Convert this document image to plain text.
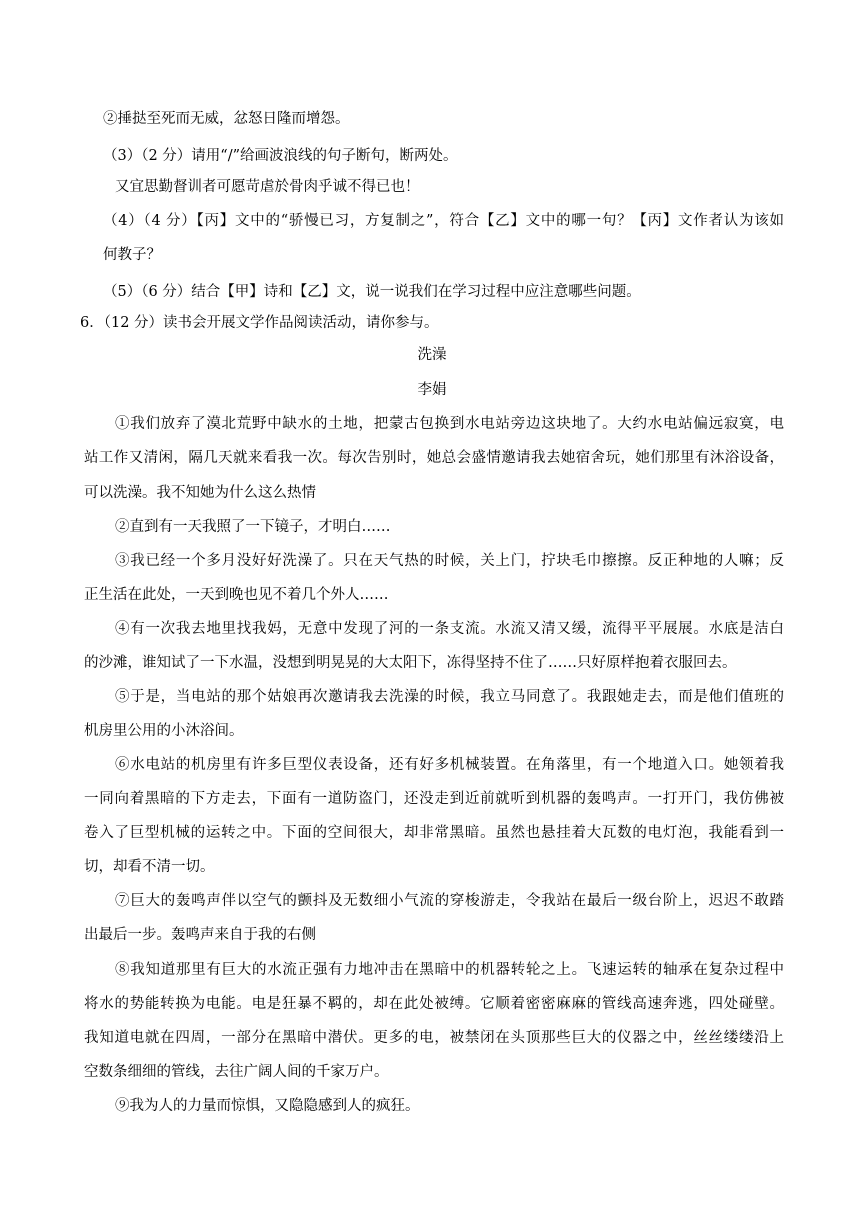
②捶挞至死而无威，忿怒日隆而增怨。
（3）（2 分）请用“/”给画波浪线的句子断句，断两处。
又宜思勤督训者可愿苛虐於骨肉乎诚不得已也！
（4）（4 分）【丙】文中的“骄慢已习，方复制之”，符合【乙】文中的哪一句？【丙】文作者认为该如
何教子？
（5）（6 分）结合【甲】诗和【乙】文，说一说我们在学习过程中应注意哪些问题。
6．（12 分）读书会开展文学作品阅读活动，请你参与。
洗澡
李娟
①我们放弃了漠北荒野中缺水的土地，把蒙古包换到水电站旁边这块地了。大约水电站偏远寂寞，电
站工作又清闲，隔几天就来看我一次。每次告别时，她总会盛情邀请我去她宿舍玩，她们那里有沐浴设备，
可以洗澡。我不知她为什么这么热情
②直到有一天我照了一下镜子，才明白……
③我已经一个多月没好好洗澡了。只在天气热的时候，关上门，拧块毛巾擦擦。反正种地的人嘛；反
正生活在此处，一天到晚也见不着几个外人……
④有一次我去地里找我妈，无意中发现了河的一条支流。水流又清又缓，流得平平展展。水底是洁白
的沙滩，谁知试了一下水温，没想到明晃晃的大太阳下，冻得坚持不住了……只好原样抱着衣服回去。
⑤于是，当电站的那个姑娘再次邀请我去洗澡的时候，我立马同意了。我跟她走去，而是他们值班的
机房里公用的小沐浴间。
⑥水电站的机房里有许多巨型仪表设备，还有好多机械装置。在角落里，有一个地道入口。她领着我
一同向着黑暗的下方走去，下面有一道防盗门，还没走到近前就听到机器的轰鸣声。一打开门，我仿佛被
卷入了巨型机械的运转之中。下面的空间很大，却非常黑暗。虽然也悬挂着大瓦数的电灯泡，我能看到一
切，却看不清一切。
⑦巨大的轰鸣声伴以空气的颤抖及无数细小气流的穿梭游走，令我站在最后一级台阶上，迟迟不敢踏
出最后一步。轰鸣声来自于我的右侧
⑧我知道那里有巨大的水流正强有力地冲击在黑暗中的机器转轮之上。飞速运转的轴承在复杂过程中
将水的势能转换为电能。电是狂暴不羁的，却在此处被缚。它顺着密密麻麻的管线高速奔逃，四处碰壁。
我知道电就在四周，一部分在黑暗中潜伏。更多的电，被禁闭在头顶那些巨大的仪器之中，丝丝缕缕沿上
空数条细细的管线，去往广阔人间的千家万户。
⑨我为人的力量而惊惧，又隐隐感到人的疯狂。
